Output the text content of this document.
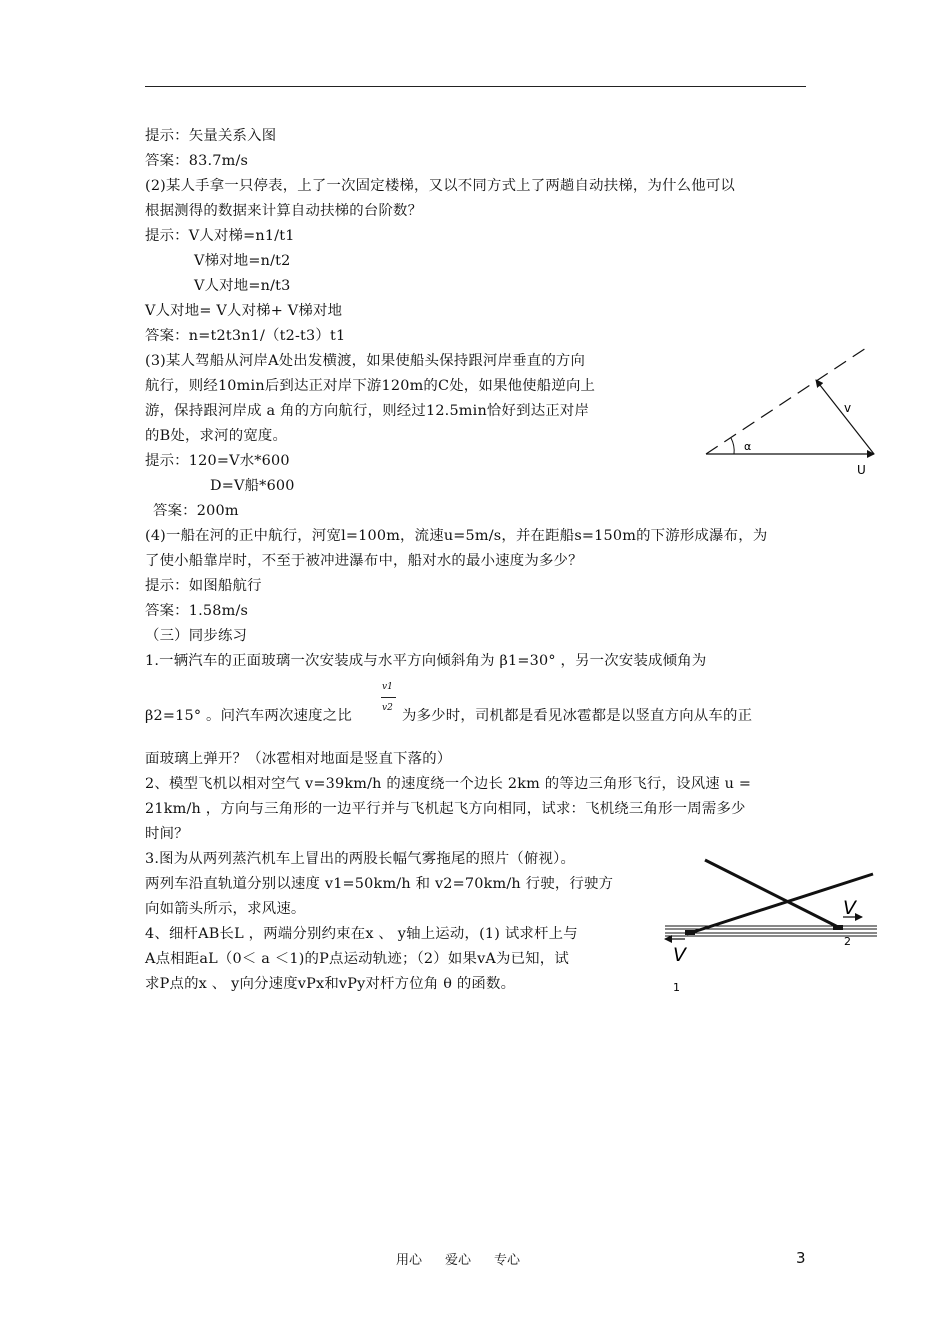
提示：矢量关系入图
答案：83.7m/s
(2)某人手拿一只停表，上了一次固定楼梯，又以不同方式上了两趟自动扶梯，为什么他可以
根据测得的数据来计算自动扶梯的台阶数？
提示：V人对梯=n1/t1
V梯对地=n/t2
V人对地=n/t3
V人对地= V人对梯+ V梯对地
答案：n=t2t3n1/（t2-t3）t1
(3)某人驾船从河岸A处出发横渡，如果使船头保持跟河岸垂直的方向
航行，则经10min后到达正对岸下游120m的C处，如果他使船逆向上
游，保持跟河岸成 a 角的方向航行，则经过12.5min恰好到达正对岸
的B处，求河的宽度。
提示：120=V水*600
D=V船*600
答案：200m
(4)一船在河的正中航行，河宽l=100m，流速u=5m/s，并在距船s=150m的下游形成瀑布，为
了使小船靠岸时，不至于被冲进瀑布中，船对水的最小速度为多少？
提示：如图船航行
答案：1.58m/s
（三）同步练习
1.一辆汽车的正面玻璃一次安装成与水平方向倾斜角为 β1=30° ，另一次安装成倾角为
β2=15° 。问汽车两次速度之比	为多少时，司机都是看见冰雹都是以竖直方向从车的正
面玻璃上弹开？（冰雹相对地面是竖直下落的）
2、模型飞机以相对空气 v=39km/h 的速度绕一个边长 2km 的等边三角形飞行，设风速 u =
21km/h ，方向与三角形的一边平行并与飞机起飞方向相同，试求：飞机绕三角形一周需多少
时间？
3.图为从两列蒸汽机车上冒出的两股长幅气雾拖尾的照片（俯视）。
两列车沿直轨道分别以速度 v1=50km/h 和 v2=70km/h 行驶，行驶方
向如箭头所示，求风速。
4、细杆AB长L ，两端分别约束在x 、 y轴上运动，(1) 试求杆上与
A点相距aL（0＜ a ＜1)的P点运动轨迹；（2）如果vA为已知，试
求P点的x 、 y向分速度vPx和vPy对杆方位角 θ 的函数。
v1
v2
α
v
U
V
2
V
1
用心 爱心 专心	3
